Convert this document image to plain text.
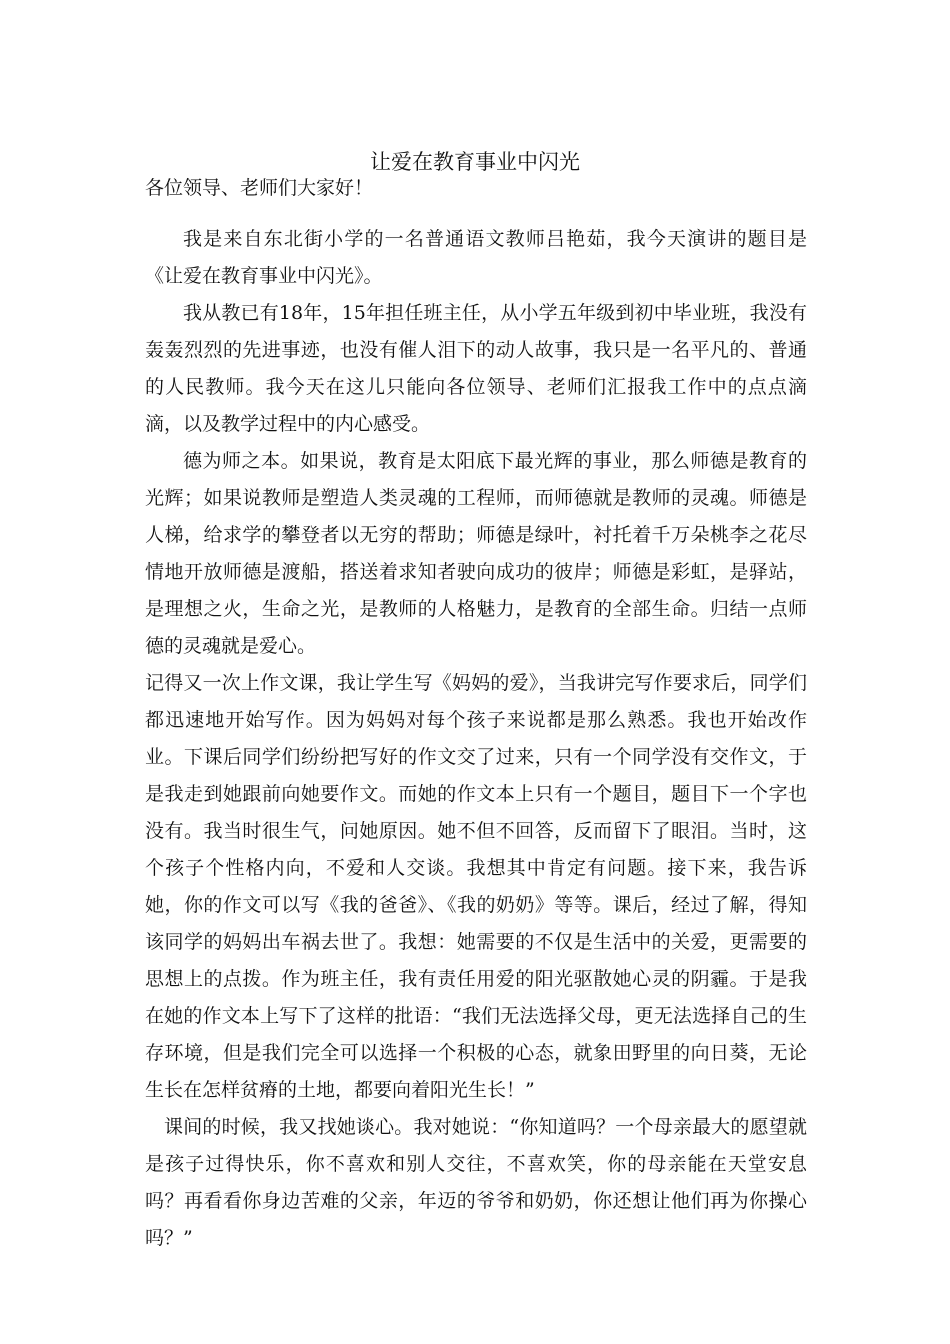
让爱在教育事业中闪光

各位领导、老师们大家好！

我是来自东北街小学的一名普通语文教师吕艳茹，我今天演讲的题目是《让爱在教育事业中闪光》。

我从教已有18年，15年担任班主任，从小学五年级到初中毕业班，我没有轰轰烈烈的先进事迹，也没有催人泪下的动人故事，我只是一名平凡的、普通的人民教师。我今天在这儿只能向各位领导、老师们汇报我工作中的点点滴滴，以及教学过程中的内心感受。

德为师之本。如果说，教育是太阳底下最光辉的事业，那么师德是教育的光辉；如果说教师是塑造人类灵魂的工程师，而师德就是教师的灵魂。师德是人梯，给求学的攀登者以无穷的帮助；师德是绿叶，衬托着千万朵桃李之花尽情地开放师德是渡船，搭送着求知者驶向成功的彼岸；师德是彩虹，是驿站，是理想之火，生命之光，是教师的人格魅力，是教育的全部生命。归结一点师德的灵魂就是爱心。

记得又一次上作文课，我让学生写《妈妈的爱》，当我讲完写作要求后，同学们都迅速地开始写作。因为妈妈对每个孩子来说都是那么熟悉。我也开始改作业。下课后同学们纷纷把写好的作文交了过来，只有一个同学没有交作文，于是我走到她跟前向她要作文。而她的作文本上只有一个题目，题目下一个字也没有。我当时很生气，问她原因。她不但不回答，反而留下了眼泪。当时，这个孩子个性格内向，不爱和人交谈。我想其中肯定有问题。接下来，我告诉她，你的作文可以写《我的爸爸》、《我的奶奶》等等。课后，经过了解，得知该同学的妈妈出车祸去世了。我想：她需要的不仅是生活中的关爱，更需要的思想上的点拨。作为班主任，我有责任用爱的阳光驱散她心灵的阴霾。于是我在她的作文本上写下了这样的批语：“我们无法选择父母，更无法选择自己的生存环境，但是我们完全可以选择一个积极的心态，就象田野里的向日葵，无论生长在怎样贫瘠的土地，都要向着阳光生长！”

课间的时候，我又找她谈心。我对她说：“你知道吗？一个母亲最大的愿望就是孩子过得快乐，你不喜欢和别人交往，不喜欢笑，你的母亲能在天堂安息吗？再看看你身边苦难的父亲，年迈的爷爷和奶奶，你还想让他们再为你操心吗？”
